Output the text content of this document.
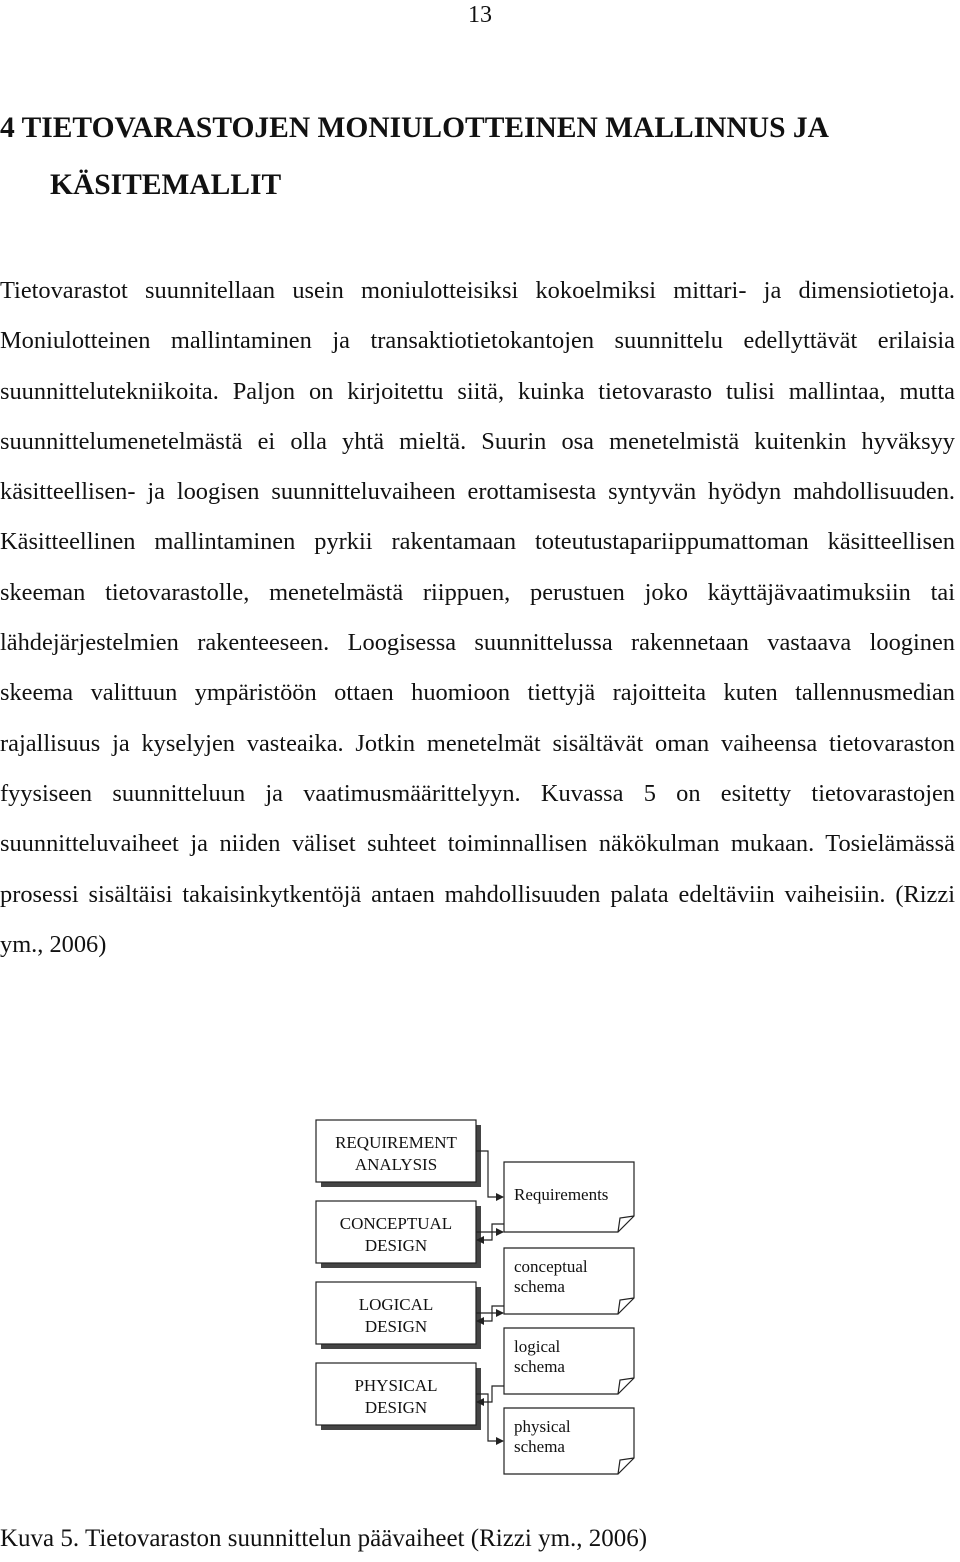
13
4 TIETOVARASTOJEN MONIULOTTEINEN MALLINNUS JA
KÄSITEMALLIT

Tietovarastot suunnitellaan usein moniulotteisiksi kokoelmiksi mittari- ja dimensiotietoja. Moniulotteinen mallintaminen ja transaktiotietokantojen suunnittelu edellyttävät erilaisia suunnittelutekniikoita. Paljon on kirjoitettu siitä, kuinka tietovarasto tulisi mallintaa, mutta suunnittelumenetelmästä ei olla yhtä mieltä. Suurin osa menetelmistä kuitenkin hyväksyy käsitteellisen- ja loogisen suunnitteluvaiheen erottamisesta syntyvän hyödyn mahdollisuuden. Käsitteellinen mallintaminen pyrkii rakentamaan toteutustapariippumattoman käsitteellisen skeeman tietovarastolle, menetelmästä riippuen, perustuen joko käyttäjävaatimuksiin tai lähdejärjestelmien rakenteeseen. Loogisessa suunnittelussa rakennetaan vastaava looginen skeema valittuun ympäristöön ottaen huomioon tiettyjä rajoitteita kuten tallennusmedian rajallisuus ja kyselyjen vasteaika. Jotkin menetelmät sisältävät oman vaiheensa tietovaraston fyysiseen suunnitteluun ja vaatimusmäärittelyyn. Kuvassa 5 on esitetty tietovarastojen suunnitteluvaiheet ja niiden väliset suhteet toiminnallisen näkökulman mukaan. Tosielämässä prosessi sisältäisi takaisinkytkentöjä antaen mahdollisuuden palata edeltäviin vaiheisiin. (Rizzi ym., 2006)

REQUIREMENT
ANALYSIS
CONCEPTUAL
DESIGN
LOGICAL
DESIGN
PHYSICAL
DESIGN
Requirements
conceptual
schema
logical
schema
physical
schema
Kuva 5. Tietovaraston suunnittelun päävaiheet (Rizzi ym., 2006)
